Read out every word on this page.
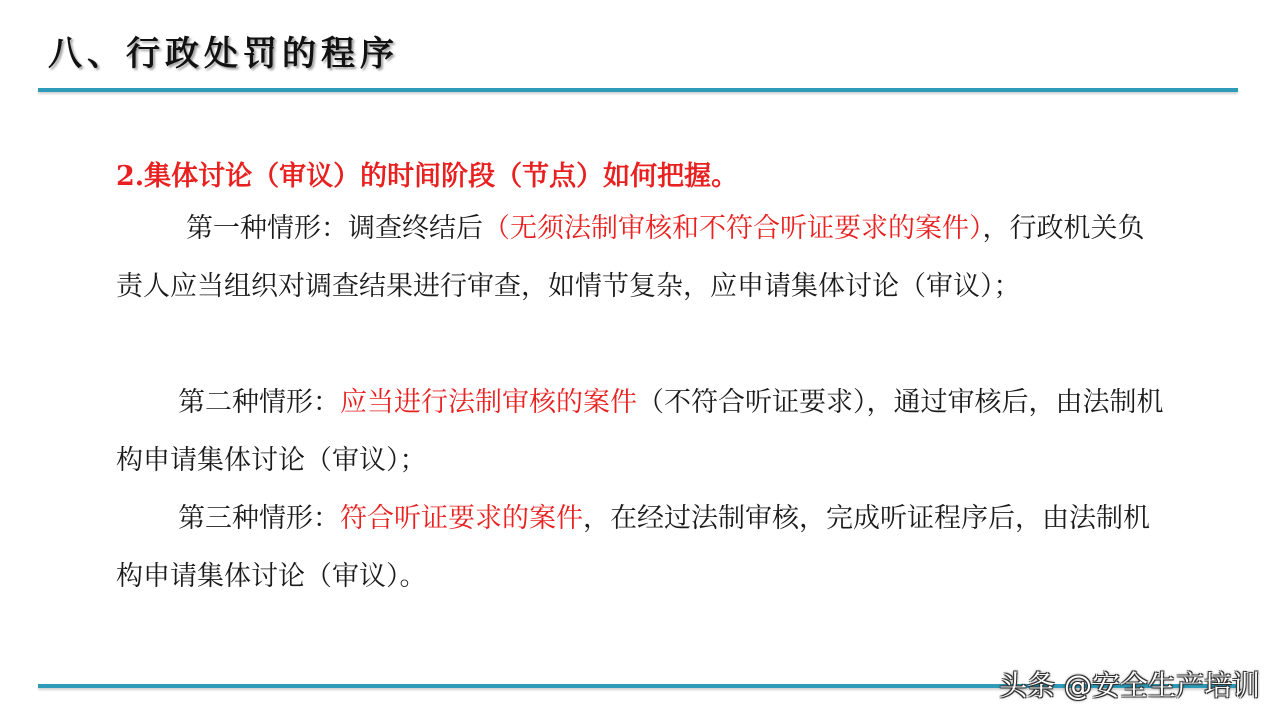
八、行政处罚的程序
2.集体讨论（审议）的时间阶段（节点）如何把握。
第一种情形：调查终结后（无须法制审核和不符合听证要求的案件），行政机关负责人应当组织对调查结果进行审查，如情节复杂，应申请集体讨论（审议）；
第二种情形：应当进行法制审核的案件（不符合听证要求），通过审核后，由法制机构申请集体讨论（审议）；
第三种情形：符合听证要求的案件，在经过法制审核，完成听证程序后，由法制机构申请集体讨论（审议）。
头条 @安全生产培训
